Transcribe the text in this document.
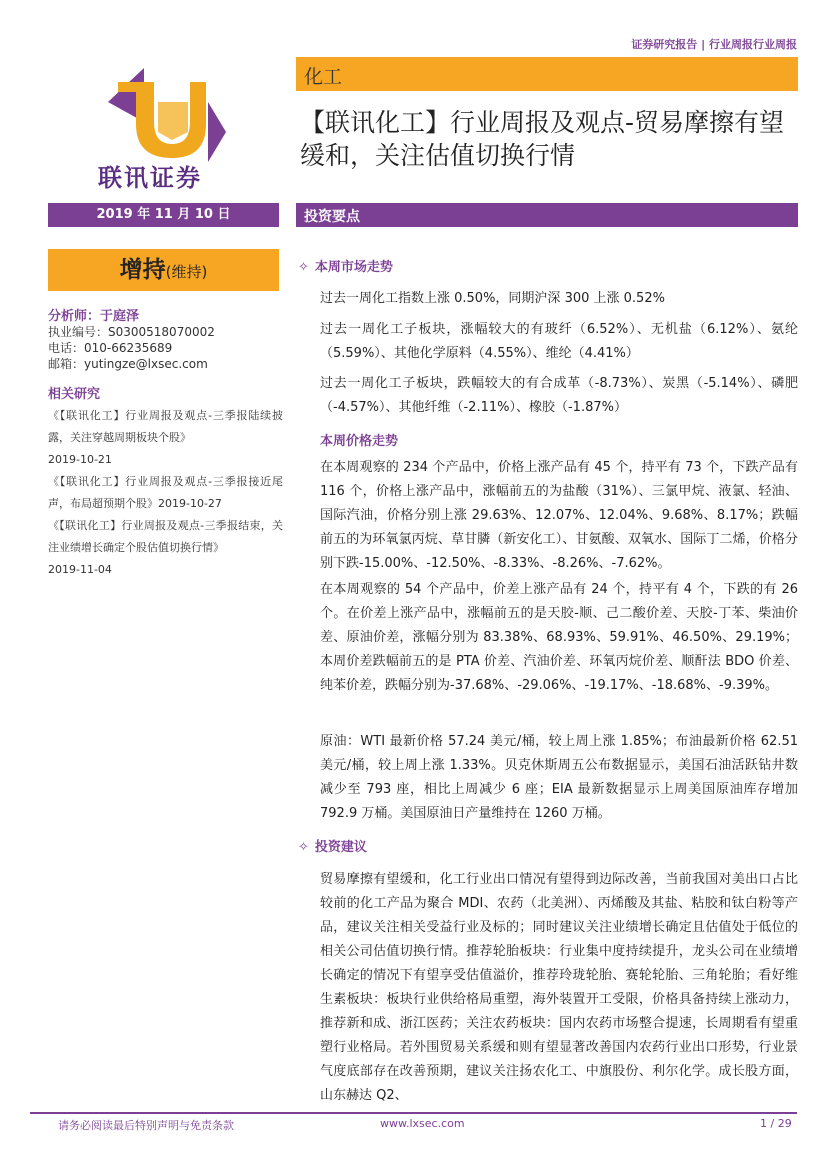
证券研究报告 | 行业周报行业周报
联讯证券
化工
【联讯化工】行业周报及观点-贸易摩擦有望缓和，关注估值切换行情
2019 年 11 月 10 日	投资要点
增持(维持)
分析师：于庭泽
执业编号：S0300518070002
电话：010-66235689
邮箱：yutingze@lxsec.com
相关研究
《【联讯化工】行业周报及观点-三季报陆续披露，关注穿越周期板块个股》
2019-10-21
《【联讯化工】行业周报及观点-三季报接近尾声，布局超预期个股》2019-10-27
《【联讯化工】行业周报及观点-三季报结束，关注业绩增长确定个股估值切换行情》
2019-11-04
✧ 本周市场走势
过去一周化工指数上涨 0.50%，同期沪深 300 上涨 0.52%
过去一周化工子板块，涨幅较大的有玻纤（6.52%）、无机盐（6.12%）、氨纶（5.59%）、其他化学原料（4.55%）、维纶（4.41%）
过去一周化工子板块，跌幅较大的有合成革（-8.73%）、炭黑（-5.14%）、磷肥（-4.57%）、其他纤维（-2.11%）、橡胶（-1.87%）
本周价格走势
在本周观察的 234 个产品中，价格上涨产品有 45 个，持平有 73 个，下跌产品有 116 个，价格上涨产品中，涨幅前五的为盐酸（31%）、三氯甲烷、液氯、轻油、国际汽油，价格分别上涨 29.63%、12.07%、12.04%、9.68%、8.17%；跌幅前五的为环氧氯丙烷、草甘膦（新安化工）、甘氨酸、双氧水、国际丁二烯，价格分别下跌-15.00%、-12.50%、-8.33%、-8.26%、-7.62%。
在本周观察的 54 个产品中，价差上涨产品有 24 个，持平有 4 个，下跌的有 26 个。在价差上涨产品中，涨幅前五的是天胶-顺、己二酸价差、天胶-丁苯、柴油价差、原油价差，涨幅分别为 83.38%、68.93%、59.91%、46.50%、29.19%；本周价差跌幅前五的是 PTA 价差、汽油价差、环氧丙烷价差、顺酐法 BDO 价差、纯苯价差，跌幅分别为-37.68%、-29.06%、-19.17%、-18.68%、-9.39%。
原油：WTI 最新价格 57.24 美元/桶，较上周上涨 1.85%；布油最新价格 62.51 美元/桶，较上周上涨 1.33%。贝克休斯周五公布数据显示，美国石油活跃钻井数减少至 793 座，相比上周减少 6 座；EIA 最新数据显示上周美国原油库存增加 792.9 万桶。美国原油日产量维持在 1260 万桶。
✧ 投资建议
贸易摩擦有望缓和，化工行业出口情况有望得到边际改善，当前我国对美出口占比较前的化工产品为聚合 MDI、农药（北美洲）、丙烯酸及其盐、粘胶和钛白粉等产品，建议关注相关受益行业及标的；同时建议关注业绩增长确定且估值处于低位的相关公司估值切换行情。推荐轮胎板块：行业集中度持续提升，龙头公司在业绩增长确定的情况下有望享受估值溢价，推荐玲珑轮胎、赛轮轮胎、三角轮胎；看好维生素板块：板块行业供给格局重塑，海外装置开工受限，价格具备持续上涨动力，推荐新和成、浙江医药；关注农药板块：国内农药市场整合提速，长周期看有望重塑行业格局。若外围贸易关系缓和则有望显著改善国内农药行业出口形势，行业景气度底部存在改善预期，建议关注扬农化工、中旗股份、利尔化学。成长股方面，山东赫达 Q2、
请务必阅读最后特别声明与免责条款	www.lxsec.com	1 / 29
